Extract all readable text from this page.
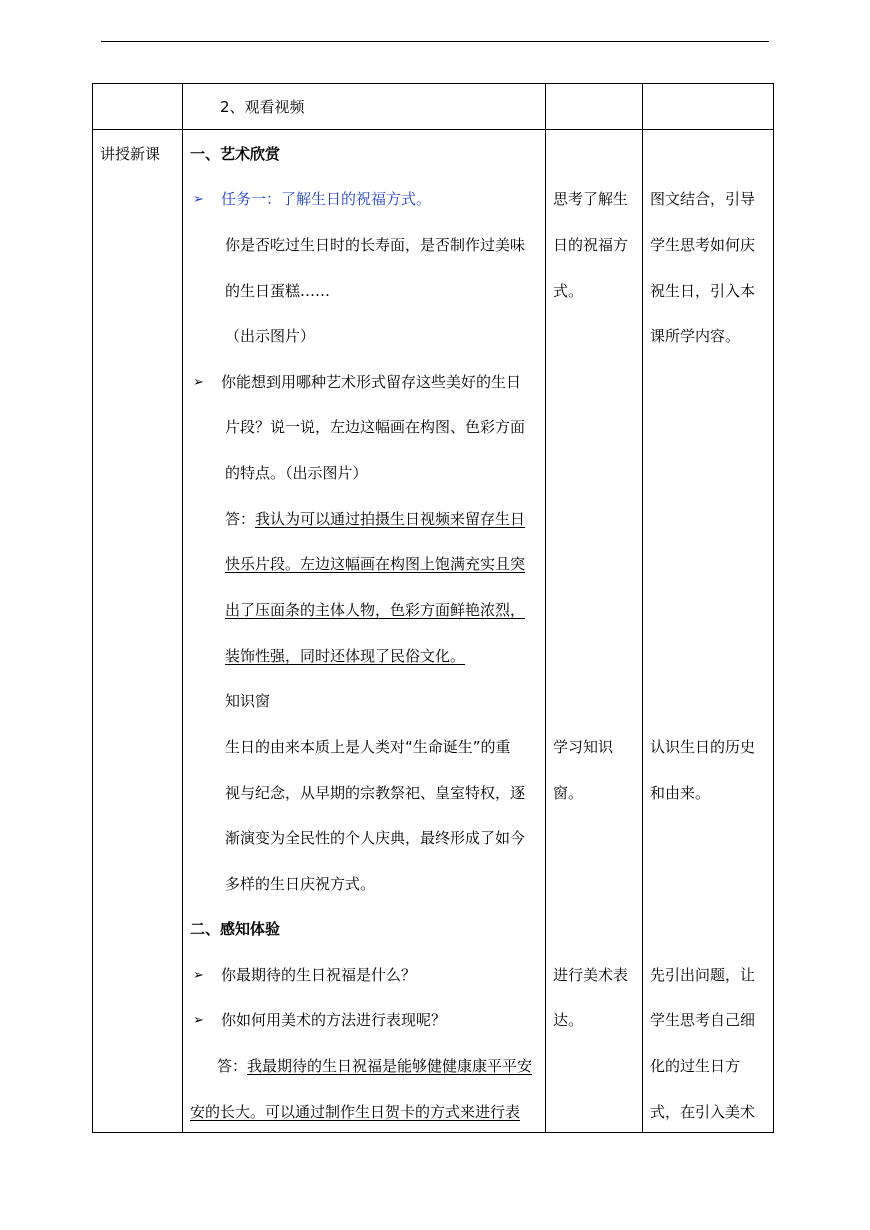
2、观看视频
讲授新课 一、艺术欣赏
➢ 任务一：了解生日的祝福方式。
你是否吃过生日时的长寿面，是否制作过美味
的生日蛋糕……
（出示图片）
➢ 你能想到用哪种艺术形式留存这些美好的生日
片段？说一说，左边这幅画在构图、色彩方面
的特点。（出示图片）
答：我认为可以通过拍摄生日视频来留存生日
快乐片段。左边这幅画在构图上饱满充实且突
出了压面条的主体人物，色彩方面鲜艳浓烈，
装饰性强，同时还体现了民俗文化。
知识窗
生日的由来本质上是人类对“生命诞生”的重
视与纪念，从早期的宗教祭祀、皇室特权，逐
渐演变为全民性的个人庆典，最终形成了如今
多样的生日庆祝方式。
二、感知体验
➢ 你最期待的生日祝福是什么？
➢ 你如何用美术的方法进行表现呢？
答：我最期待的生日祝福是能够健健康康平平安
安的长大。可以通过制作生日贺卡的方式来进行表
思考了解生
日的祝福方
式。
学习知识
窗。
进行美术表
达。
图文结合，引导
学生思考如何庆
祝生日，引入本
课所学内容。
认识生日的历史
和由来。
先引出问题，让
学生思考自己细
化的过生日方
式，在引入美术
